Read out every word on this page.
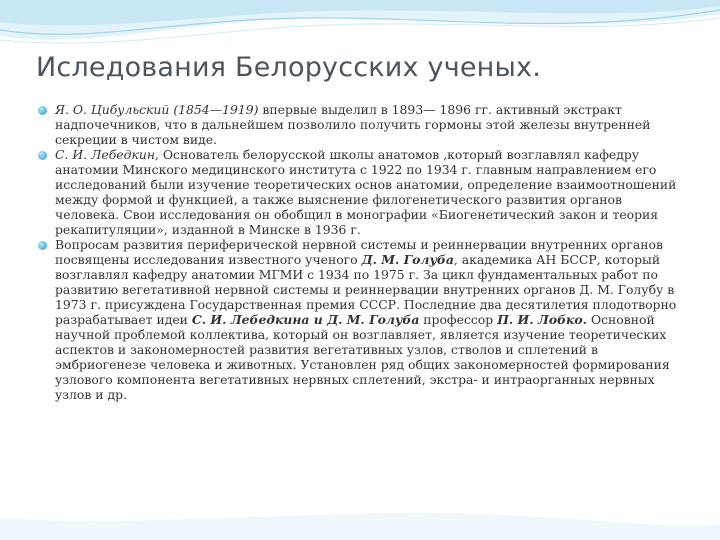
Иследования Белорусских ученых.
Я. О. Цибульский (1854—1919) впервые выделил в 1893— 1896 гг. активный экстракт надпочечников, что в дальнейшем позволило получить гормоны этой железы внутренней секреции в чистом виде.
С. И. Лебедкин, Основатель белорусской школы анатомов ,который возглавлял кафедру анатомии Минского медицинского института с 1922 по 1934 г. главным направлением его исследований были изучение теоретических основ анатомии, определение взаимоотношений между формой и функцией, а также выяснение филогенетического развития органов человека. Свои исследования он обобщил в монографии «Биогенетический закон и теория рекапитуляции», изданной в Минске в 1936 г.
Вопросам развития периферической нервной системы и реиннервации внутренних органов посвящены исследования известного ученого Д. М. Голуба, академика АН БССР, который возглавлял кафедру анатомии МГМИ с 1934 по 1975 г. За цикл фундаментальных работ по развитию вегетативной нервной системы и реиннервации внутренних органов Д. М. Голубу в 1973 г. присуждена Государственная премия СССР. Последние два десятилетия плодотворно разрабатывает идеи С. И. Лебедкина и Д. М. Голуба профессор П. И. Лобко. Основной научной проблемой коллектива, который он возглавляет, является изучение теоретических аспектов и закономерностей развития вегетативных узлов, стволов и сплетений в эмбриогенезе человека и животных. Установлен ряд общих закономерностей формирования узлового компонента вегетативных нервных сплетений, экстра- и интраорганных нервных узлов и др.
